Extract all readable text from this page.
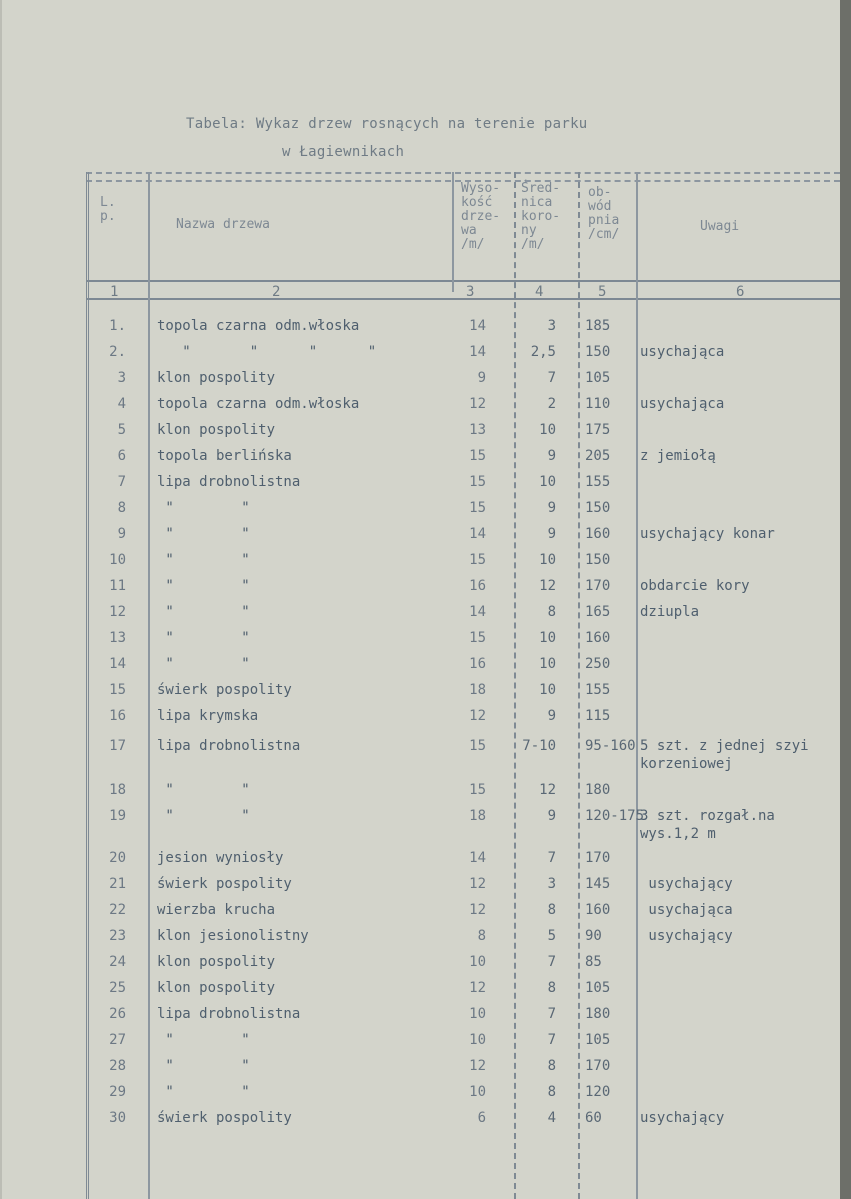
Tabela: Wykaz drzew rosnących na terenie parku
w Łagiewnikach
L.
p.
Nazwa drzewa
Wyso-
kość
drze-
wa
/m/
Śred-
nica
koro-
ny
/m/
ob-
wód
pnia
/cm/
Uwagi
1	2	3	4	5	6
1. topola czarna odm.włoska	14	3 185
2. "       "      "      "	14	2,5 150 usychająca
3 klon pospolity	9	7 105
4 topola czarna odm.włoska	12	2 110 usychająca
5 klon pospolity	13	10 175
6 topola berlińska	15	9 205 z jemiołą
7 lipa drobnolistna	15	10 155
8 "        "	15	9 150
9 "        "	14	9 160 usychający konar
10 "        "	15	10 150
11 "        "	16	12 170 obdarcie kory
12 "        "	14	8 165 dziupla
13 "        "	15	10 160
14 "        "	16	10 250
15 świerk pospolity	18	10 155
16 lipa krymska	12	9 115
17 lipa drobnolistna	15	7-10 95-160 5 szt. z jednej szyi
korzeniowej
18 "        "	15	12 180
19 "        "	18	9 120-175
3 szt. rozgał.na
wys.1,2 m
20 jesion wyniosły	14	7 170
21 świerk pospolity	12	3 145 usychający
22 wierzba krucha	12	8 160 usychająca
23 klon jesionolistny	8	5 90	usychający
24 klon pospolity	10	7 85
25 klon pospolity	12	8 105
26 lipa drobnolistna	10	7 180
27 "        "	10	7 105
28 "        "	12	8 170
29 "        "	10	8 120
30 świerk pospolity	6	4 60	usychający
